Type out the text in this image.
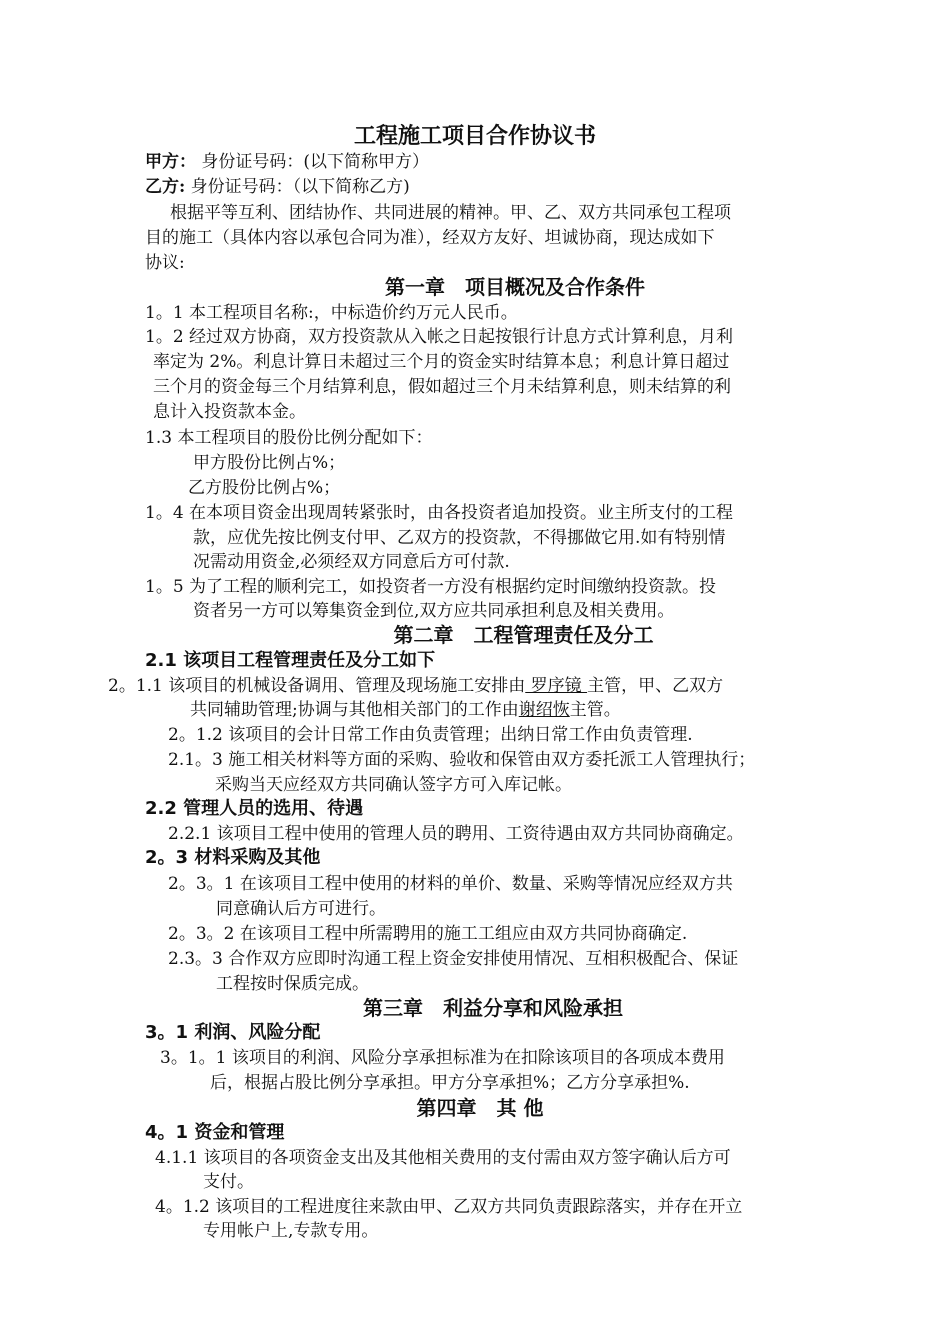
工程施工项目合作协议书
甲方： 身份证号码：(以下简称甲方）
乙方: 身份证号码：（以下简称乙方)
根据平等互利、团结协作、共同进展的精神。甲、乙、双方共同承包工程项
目的施工（具体内容以承包合同为准），经双方友好、坦诚协商，现达成如下
协议:
第一章　项目概况及合作条件
1。1 本工程项目名称:，中标造价约万元人民币。
1。2 经过双方协商，双方投资款从入帐之日起按银行计息方式计算利息，月利
率定为 2%。利息计算日未超过三个月的资金实时结算本息；利息计算日超过
三个月的资金每三个月结算利息，假如超过三个月未结算利息，则未结算的利
息计入投资款本金。
1.3 本工程项目的股份比例分配如下：
甲方股份比例占%；
乙方股份比例占%；
1。4 在本项目资金出现周转紧张时，由各投资者追加投资。业主所支付的工程
款，应优先按比例支付甲、乙双方的投资款，不得挪做它用.如有特别情
况需动用资金,必须经双方同意后方可付款.
1。5 为了工程的顺利完工，如投资者一方没有根据约定时间缴纳投资款。投
资者另一方可以筹集资金到位,双方应共同承担利息及相关费用。
第二章　工程管理责任及分工
2.1 该项目工程管理责任及分工如下
2。1.1 该项目的机械设备调用、管理及现场施工安排由 罗序镜 主管，甲、乙双方
共同辅助管理;协调与其他相关部门的工作由谢绍恢主管。
2。1.2 该项目的会计日常工作由负责管理；出纳日常工作由负责管理.
2.1。3 施工相关材料等方面的采购、验收和保管由双方委托派工人管理执行；
采购当天应经双方共同确认签字方可入库记帐。
2.2 管理人员的选用、待遇
2.2.1 该项目工程中使用的管理人员的聘用、工资待遇由双方共同协商确定。
2。3 材料采购及其他
2。3。1 在该项目工程中使用的材料的单价、数量、采购等情况应经双方共
同意确认后方可进行。
2。3。2 在该项目工程中所需聘用的施工工组应由双方共同协商确定.
2.3。3 合作双方应即时沟通工程上资金安排使用情况、互相积极配合、保证
工程按时保质完成。
第三章　利益分享和风险承担
3。1 利润、风险分配
3。1。1 该项目的利润、风险分享承担标准为在扣除该项目的各项成本费用
后，根据占股比例分享承担。甲方分享承担%；乙方分享承担%.
第四章　其 他
4。1 资金和管理
4.1.1 该项目的各项资金支出及其他相关费用的支付需由双方签字确认后方可
支付。
4。1.2 该项目的工程进度往来款由甲、乙双方共同负责跟踪落实，并存在开立
专用帐户上,专款专用。
